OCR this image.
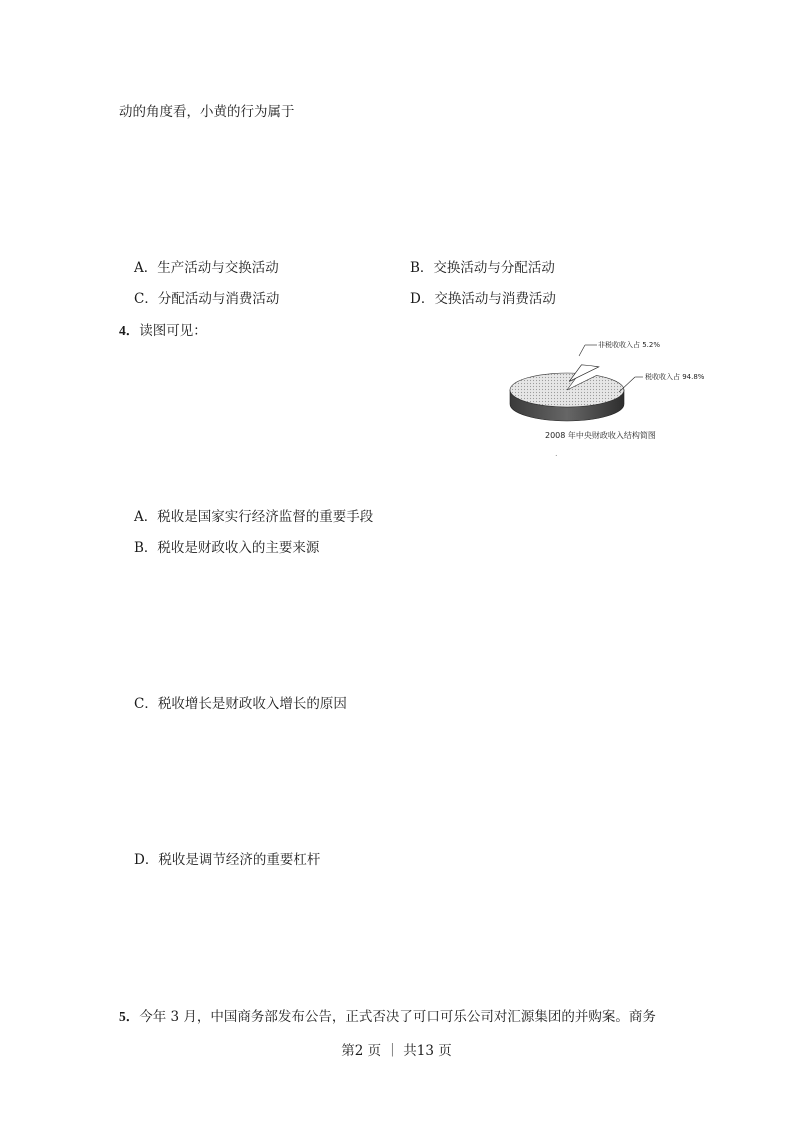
动的角度看，小黄的行为属于
A．生产活动与交换活动	B．交换活动与分配活动
C．分配活动与消费活动	D．交换活动与消费活动
4．读图可见：
.
非税收收入占 5.2%
税收收入占 94.8%
2008 年中央财政收入结构简图
A．税收是国家实行经济监督的重要手段
B．税收是财政收入的主要来源
C．税收增长是财政收入增长的原因
D．税收是调节经济的重要杠杆
5．今年 3 月，中国商务部发布公告，正式否决了可口可乐公司对汇源集团的并购案。商务
第2 页 ｜ 共13 页
